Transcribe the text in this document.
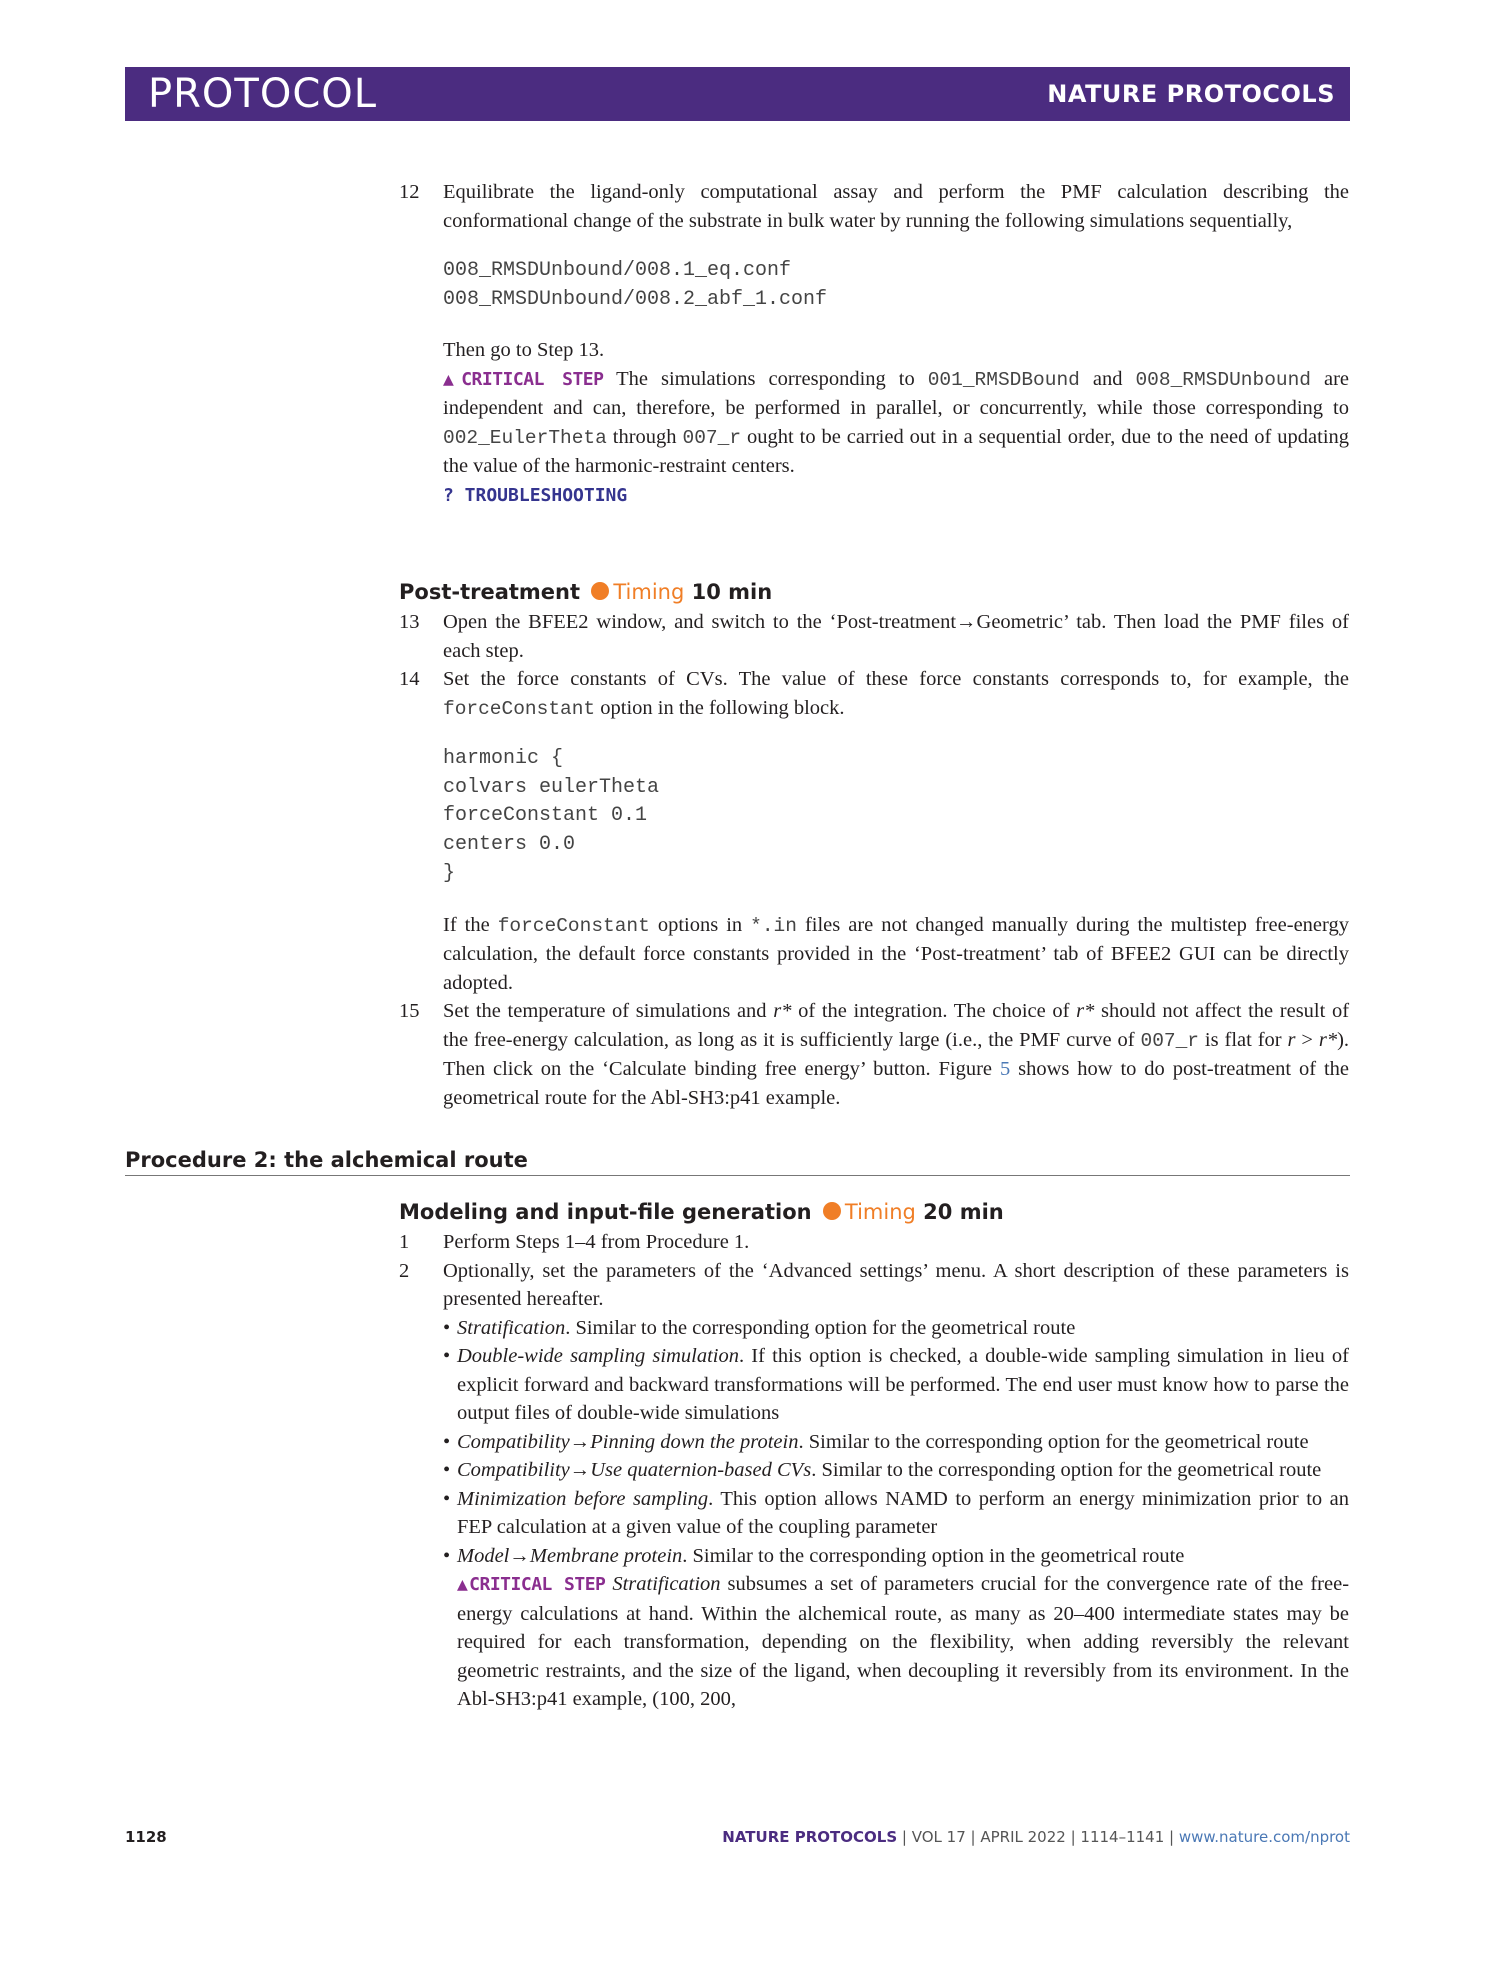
PROTOCOL	NATURE PROTOCOLS
12	Equilibrate the ligand-only computational assay and perform the PMF calculation describing the conformational change of the substrate in bulk water by running the following simulations sequentially,

008_RMSDUnbound/008.1_eq.conf

008_RMSDUnbound/008.2_abf_1.conf

Then go to Step 13.

▲CRITICAL STEP The simulations corresponding to 001_RMSDBound and 008_RMSDUnbound are independent and can, therefore, be performed in parallel, or concurrently, while those corresponding to 002_EulerTheta through 007_r ought to be carried out in a sequential order, due to the need of updating the value of the harmonic-restraint centers.

? TROUBLESHOOTING

Post-treatment Timing 10 min
13	Open the BFEE2 window, and switch to the ‘Post-treatment→Geometric’ tab. Then load the PMF files of each step.

14	Set the force constants of CVs. The value of these force constants corresponds to, for example, the forceConstant option in the following block.

harmonic {

colvars eulerTheta

forceConstant 0.1

centers 0.0

}

If the forceConstant options in *.in files are not changed manually during the multistep free-energy calculation, the default force constants provided in the ‘Post-treatment’ tab of BFEE2 GUI can be directly adopted.

15	Set the temperature of simulations and r* of the integration. The choice of r* should not affect the result of the free-energy calculation, as long as it is sufficiently large (i.e., the PMF curve of 007_r is flat for r > r*). Then click on the ‘Calculate binding free energy’ button. Figure 5 shows how to do post-treatment of the geometrical route for the Abl-SH3:p41 example.

Procedure 2: the alchemical route
Modeling and input-file generation Timing 20 min
1	Perform Steps 1–4 from Procedure 1.

2	Optionally, set the parameters of the ‘Advanced settings’ menu. A short description of these parameters is presented hereafter.

• Stratification. Similar to the corresponding option for the geometrical route
• Double-wide sampling simulation. If this option is checked, a double-wide sampling simulation in lieu of explicit forward and backward transformations will be performed. The end user must know how to parse the output files of double-wide simulations
• Compatibility→Pinning down the protein. Similar to the corresponding option for the geometrical route
• Compatibility→Use quaternion-based CVs. Similar to the corresponding option for the geometrical route
• Minimization before sampling. This option allows NAMD to perform an energy minimization prior to an FEP calculation at a given value of the coupling parameter
• Model→Membrane protein. Similar to the corresponding option in the geometrical route

▲CRITICAL STEP Stratification subsumes a set of parameters crucial for the convergence rate of the free-energy calculations at hand. Within the alchemical route, as many as 20–400 intermediate states may be required for each transformation, depending on the flexibility, when adding reversibly the relevant geometric restraints, and the size of the ligand, when decoupling it reversibly from its environment. In the Abl-SH3:p41 example, (100, 200,

1128	NATURE PROTOCOLS | VOL 17 | APRIL 2022 | 1114–1141 | www.nature.com/nprot
